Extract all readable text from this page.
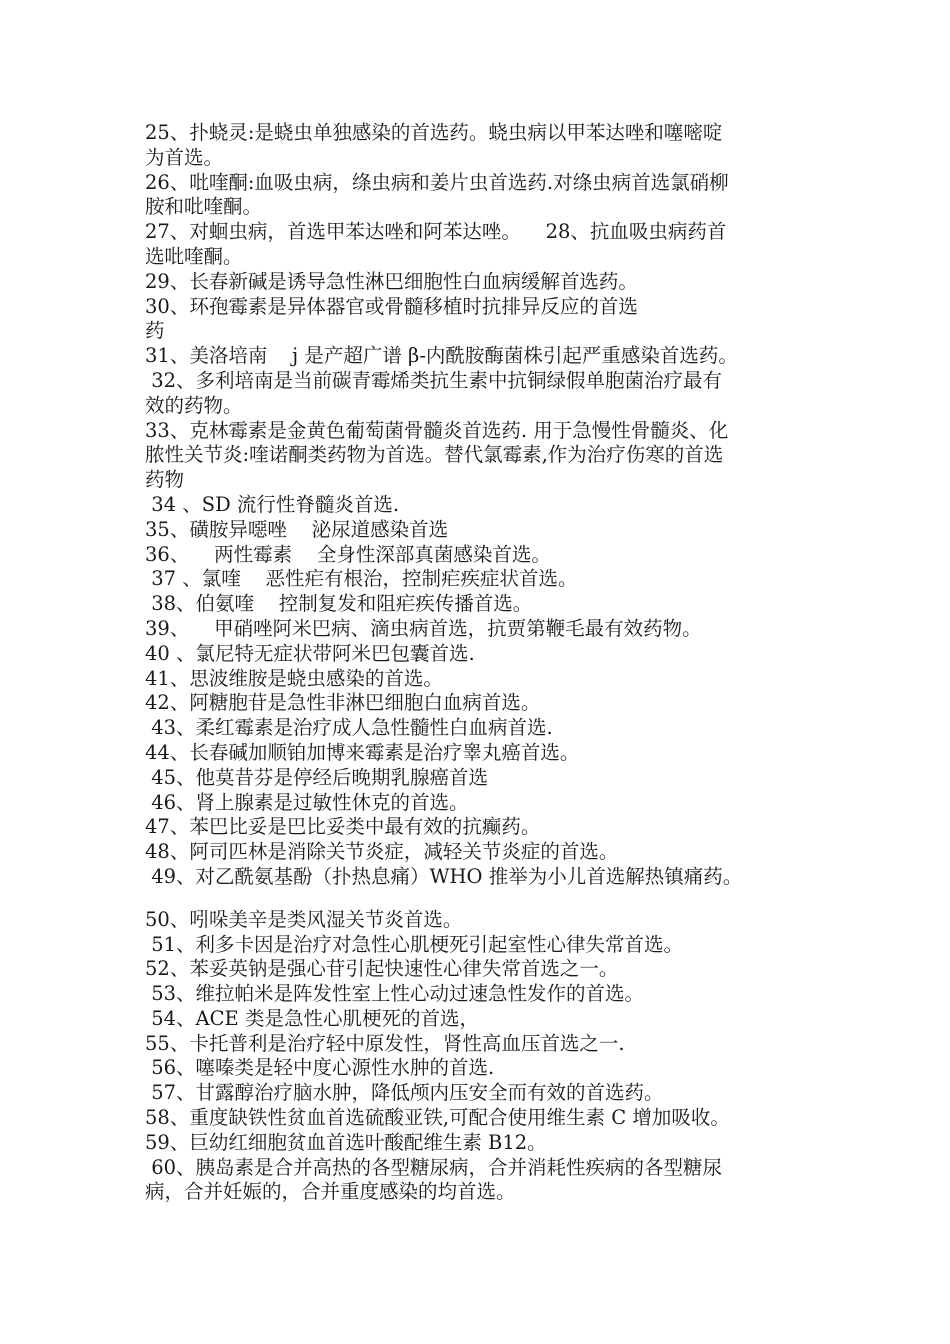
25、扑蛲灵:是蛲虫单独感染的首选药。蛲虫病以甲苯达唑和噻嘧啶
为首选。
26、吡喹酮:血吸虫病，绦虫病和姜片虫首选药.对绦虫病首选氯硝柳
胺和吡喹酮。
27、对蛔虫病，首选甲苯达唑和阿苯达唑。    28、抗血吸虫病药首
选吡喹酮。
29、长春新碱是诱导急性淋巴细胞性白血病缓解首选药。
30、环孢霉素是异体器官或骨髓移植时抗排异反应的首选
药
31、美洛培南    j 是产超广谱 β-内酰胺酶菌株引起严重感染首选药。
32、多利培南是当前碳青霉烯类抗生素中抗铜绿假单胞菌治疗最有
效的药物。
33、克林霉素是金黄色葡萄菌骨髓炎首选药. 用于急慢性骨髓炎、化
脓性关节炎:喹诺酮类药物为首选。替代氯霉素,作为治疗伤寒的首选
药物
34 、SD 流行性脊髓炎首选.
35、磺胺异噁唑    泌尿道感染首选
36、    两性霉素    全身性深部真菌感染首选。
37 、氯喹    恶性疟有根治，控制疟疾症状首选。
38、伯氨喹    控制复发和阻疟疾传播首选。
39、    甲硝唑阿米巴病、滴虫病首选，抗贾第鞭毛最有效药物。
40 、氯尼特无症状带阿米巴包囊首选.
41、思波维胺是蛲虫感染的首选。
42、阿糖胞苷是急性非淋巴细胞白血病首选。
43、柔红霉素是治疗成人急性髓性白血病首选.
44、长春碱加顺铂加博来霉素是治疗睾丸癌首选。
45、他莫昔芬是停经后晚期乳腺癌首选
46、肾上腺素是过敏性休克的首选。
47、苯巴比妥是巴比妥类中最有效的抗癫药。
48、阿司匹林是消除关节炎症，减轻关节炎症的首选。
49、对乙酰氨基酚（扑热息痛）WHO 推举为小儿首选解热镇痛药。
50、吲哚美辛是类风湿关节炎首选。
51、利多卡因是治疗对急性心肌梗死引起室性心律失常首选。
52、苯妥英钠是强心苷引起快速性心律失常首选之一。
53、维拉帕米是阵发性室上性心动过速急性发作的首选。
54、ACE 类是急性心肌梗死的首选，
55、卡托普利是治疗轻中原发性，肾性高血压首选之一.
56、噻嗪类是轻中度心源性水肿的首选.
57、甘露醇治疗脑水肿，降低颅内压安全而有效的首选药。
58、重度缺铁性贫血首选硫酸亚铁,可配合使用维生素 C 增加吸收。
59、巨幼红细胞贫血首选叶酸配维生素 B12。
60、胰岛素是合并高热的各型糖尿病，合并消耗性疾病的各型糖尿
病，合并妊娠的，合并重度感染的均首选。
